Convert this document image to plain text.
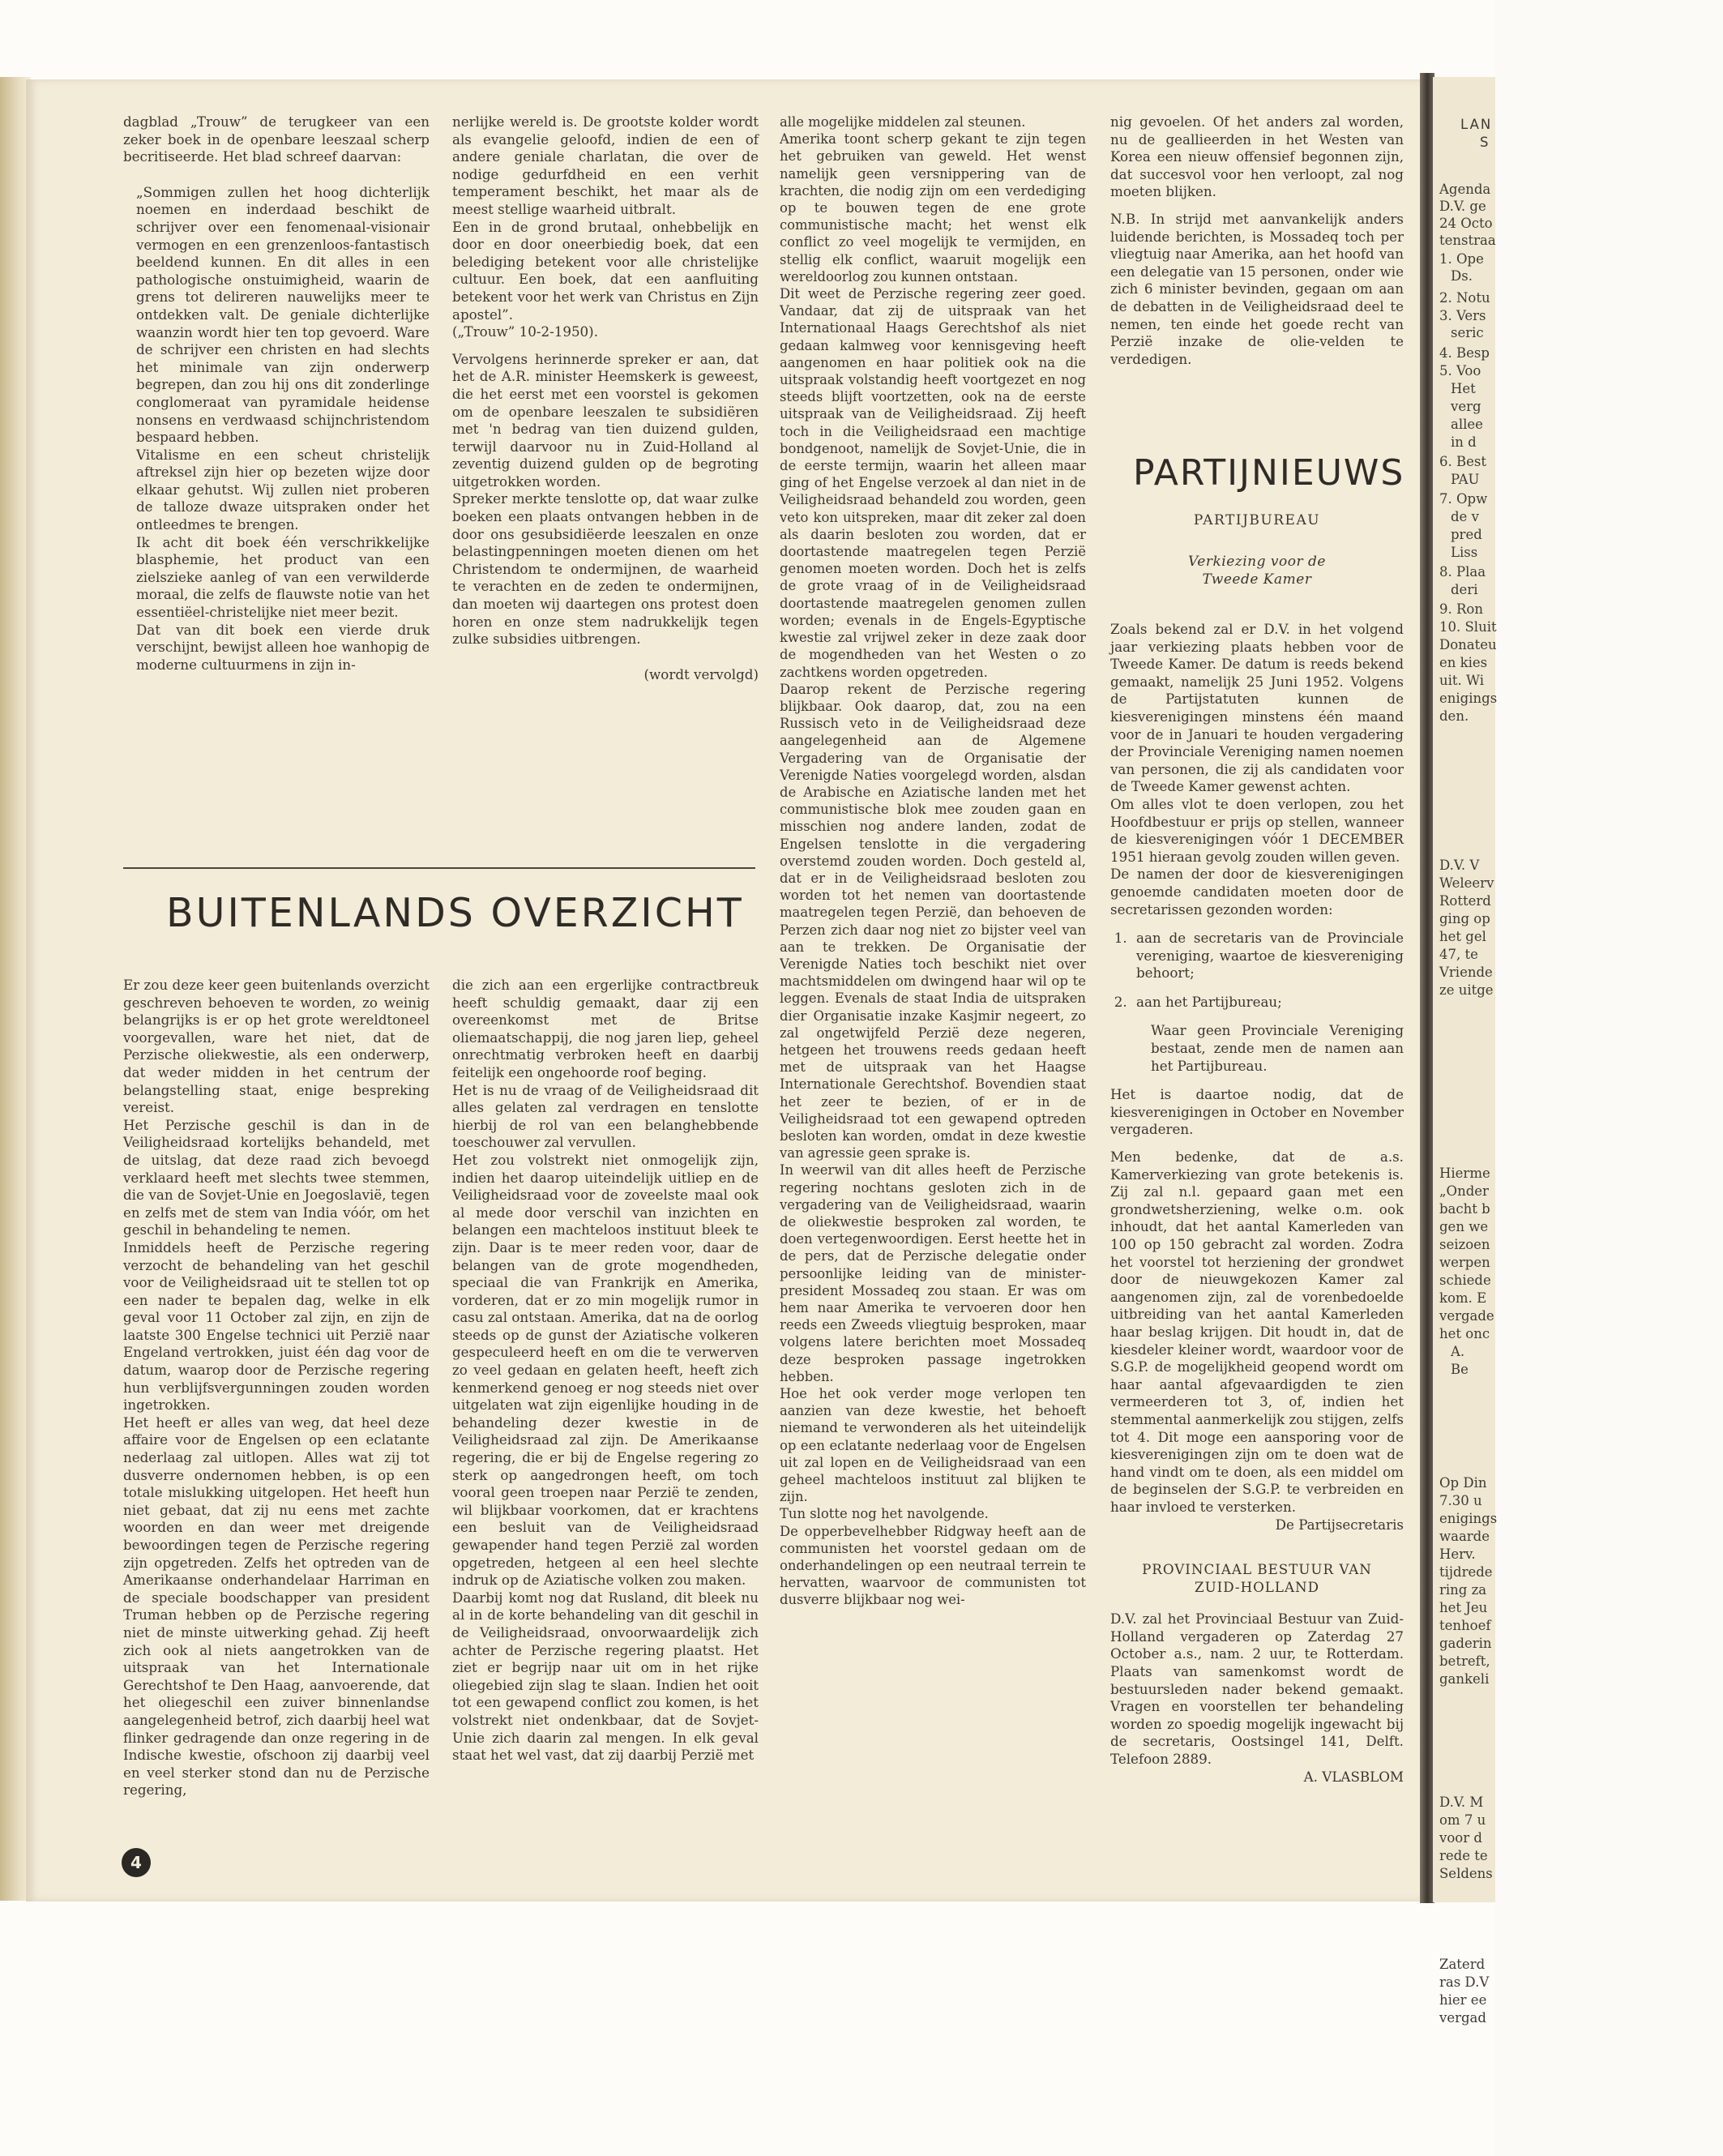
dagblad „Trouw” de terugkeer van een zeker boek in de openbare leeszaal scherp becritiseerde. Het blad schreef daarvan:

„Sommigen zullen het hoog dichterlijk noemen en inderdaad beschikt de schrijver over een fenomenaal-visionair vermogen en een grenzenloos-fantastisch beeldend kunnen. En dit alles in een pathologische onstuimigheid, waarin de grens tot delireren nauwelijks meer te ontdekken valt. De geniale dichterlijke waanzin wordt hier ten top gevoerd. Ware de schrijver een christen en had slechts het minimale van zijn onderwerp begrepen, dan zou hij ons dit zonderlinge conglomeraat van pyramidale heidense nonsens en verdwaasd schijnchristendom bespaard hebben.

Vitalisme en een scheut christelijk aftreksel zijn hier op bezeten wijze door elkaar gehutst. Wij zullen niet proberen de talloze dwaze uitspraken onder het ontleedmes te brengen.

Ik acht dit boek één verschrikkelijke blasphemie, het product van een zielszieke aanleg of van een verwilderde moraal, die zelfs de flauwste notie van het essentiëel-christelijke niet meer bezit.

Dat van dit boek een vierde druk verschijnt, bewijst alleen hoe wanhopig de moderne cultuurmens in zijn in-

nerlijke wereld is. De grootste kolder wordt als evangelie geloofd, indien de een of andere geniale charlatan, die over de nodige gedurfdheid en een verhit temperament beschikt, het maar als de meest stellige waarheid uitbralt.

Een in de grond brutaal, onhebbelijk en door en door oneerbiedig boek, dat een belediging betekent voor alle christelijke cultuur. Een boek, dat een aanfluiting betekent voor het werk van Christus en Zijn apostel”.

(„Trouw” 10-2-1950).

Vervolgens herinnerde spreker er aan, dat het de A.R. minister Heemskerk is geweest, die het eerst met een voorstel is gekomen om de openbare leeszalen te subsidiëren met 'n bedrag van tien duizend gulden, terwijl daarvoor nu in Zuid-Holland al zeventig duizend gulden op de begroting uitgetrokken worden.

Spreker merkte tenslotte op, dat waar zulke boeken een plaats ontvangen hebben in de door ons gesubsidiëerde leeszalen en onze belastingpenningen moeten dienen om het Christendom te ondermijnen, de waarheid te verachten en de zeden te ondermijnen, dan moeten wij daartegen ons protest doen horen en onze stem nadrukkelijk tegen zulke subsidies uitbrengen.

(wordt vervolgd)

BUITENLANDS OVERZICHT

Er zou deze keer geen buitenlands overzicht geschreven behoeven te worden, zo weinig belangrijks is er op het grote wereldtoneel voorgevallen, ware het niet, dat de Perzische oliekwestie, als een onderwerp, dat weder midden in het centrum der belangstelling staat, enige bespreking vereist.

Het Perzische geschil is dan in de Veiligheidsraad kortelijks behandeld, met de uitslag, dat deze raad zich bevoegd verklaard heeft met slechts twee stemmen, die van de Sovjet-Unie en Joegoslavië, tegen en zelfs met de stem van India vóór, om het geschil in behandeling te nemen.

Inmiddels heeft de Perzische regering verzocht de behandeling van het geschil voor de Veiligheidsraad uit te stellen tot op een nader te bepalen dag, welke in elk geval voor 11 October zal zijn, en zijn de laatste 300 Engelse technici uit Perzië naar Engeland vertrokken, juist één dag voor de datum, waarop door de Perzische regering hun verblijfsvergunningen zouden worden ingetrokken.

Het heeft er alles van weg, dat heel deze affaire voor de Engelsen op een eclatante nederlaag zal uitlopen. Alles wat zij tot dusverre ondernomen hebben, is op een totale mislukking uitgelopen. Het heeft hun niet gebaat, dat zij nu eens met zachte woorden en dan weer met dreigende bewoordingen tegen de Perzische regering zijn opgetreden. Zelfs het optreden van de Amerikaanse onderhandelaar Harriman en de speciale boodschapper van president Truman hebben op de Perzische regering niet de minste uitwerking gehad. Zij heeft zich ook al niets aangetrokken van de uitspraak van het Internationale Gerechtshof te Den Haag, aanvoerende, dat het oliegeschil een zuiver binnenlandse aangelegenheid betrof, zich daarbij heel wat flinker gedragende dan onze regering in de Indische kwestie, ofschoon zij daarbij veel en veel sterker stond dan nu de Perzische regering,

die zich aan een ergerlijke contractbreuk heeft schuldig gemaakt, daar zij een overeenkomst met de Britse oliemaatschappij, die nog jaren liep, geheel onrechtmatig verbroken heeft en daarbij feitelijk een ongehoorde roof beging.

Het is nu de vraag of de Veiligheidsraad dit alles gelaten zal verdragen en tenslotte hierbij de rol van een belanghebbende toeschouwer zal vervullen.

Het zou volstrekt niet onmogelijk zijn, indien het daarop uiteindelijk uitliep en de Veiligheidsraad voor de zoveelste maal ook al mede door verschil van inzichten en belangen een machteloos instituut bleek te zijn. Daar is te meer reden voor, daar de belangen van de grote mogendheden, speciaal die van Frankrijk en Amerika, vorderen, dat er zo min mogelijk rumor in casu zal ontstaan. Amerika, dat na de oorlog steeds op de gunst der Aziatische volkeren gespeculeerd heeft en om die te verwerven zo veel gedaan en gelaten heeft, heeft zich kenmerkend genoeg er nog steeds niet over uitgelaten wat zijn eigenlijke houding in de behandeling dezer kwestie in de Veiligheidsraad zal zijn. De Amerikaanse regering, die er bij de Engelse regering zo sterk op aangedrongen heeft, om toch vooral geen troepen naar Perzië te zenden, wil blijkbaar voorkomen, dat er krachtens een besluit van de Veiligheidsraad gewapender hand tegen Perzië zal worden opgetreden, hetgeen al een heel slechte indruk op de Aziatische volken zou maken.

Daarbij komt nog dat Rusland, dit bleek nu al in de korte behandeling van dit geschil in de Veiligheidsraad, onvoorwaardelijk zich achter de Perzische regering plaatst. Het ziet er begrijp naar uit om in het rijke oliegebied zijn slag te slaan. Indien het ooit tot een gewapend conflict zou komen, is het volstrekt niet ondenkbaar, dat de Sovjet-Unie zich daarin zal mengen. In elk geval staat het wel vast, dat zij daarbij Perzië met

alle mogelijke middelen zal steunen.

Amerika toont scherp gekant te zijn tegen het gebruiken van geweld. Het wenst namelijk geen versnippering van de krachten, die nodig zijn om een verdediging op te bouwen tegen de ene grote communistische macht; het wenst elk conflict zo veel mogelijk te vermijden, en stellig elk conflict, waaruit mogelijk een wereldoorlog zou kunnen ontstaan.

Dit weet de Perzische regering zeer goed. Vandaar, dat zij de uitspraak van het Internationaal Haags Gerechtshof als niet gedaan kalmweg voor kennisgeving heeft aangenomen en haar politiek ook na die uitspraak volstandig heeft voortgezet en nog steeds blijft voortzetten, ook na de eerste uitspraak van de Veiligheidsraad. Zij heeft toch in die Veiligheidsraad een machtige bondgenoot, namelijk de Sovjet-Unie, die in de eerste termijn, waarin het alleen maar ging of het Engelse verzoek al dan niet in de Veiligheidsraad behandeld zou worden, geen veto kon uitspreken, maar dit zeker zal doen als daarin besloten zou worden, dat er doortastende maatregelen tegen Perzië genomen moeten worden. Doch het is zelfs de grote vraag of in de Veiligheidsraad doortastende maatregelen genomen zullen worden; evenals in de Engels-Egyptische kwestie zal vrijwel zeker in deze zaak door de mogendheden van het Westen o zo zachtkens worden opgetreden.

Daarop rekent de Perzische regering blijkbaar. Ook daarop, dat, zou na een Russisch veto in de Veiligheidsraad deze aangelegenheid aan de Algemene Vergadering van de Organisatie der Verenigde Naties voorgelegd worden, alsdan de Arabische en Aziatische landen met het communistische blok mee zouden gaan en misschien nog andere landen, zodat de Engelsen tenslotte in die vergadering overstemd zouden worden. Doch gesteld al, dat er in de Veiligheidsraad besloten zou worden tot het nemen van doortastende maatregelen tegen Perzië, dan behoeven de Perzen zich daar nog niet zo bijster veel van aan te trekken. De Organisatie der Verenigde Naties toch beschikt niet over machtsmiddelen om dwingend haar wil op te leggen. Evenals de staat India de uitspraken dier Organisatie inzake Kasjmir negeert, zo zal ongetwijfeld Perzië deze negeren, hetgeen het trouwens reeds gedaan heeft met de uitspraak van het Haagse Internationale Gerechtshof. Bovendien staat het zeer te bezien, of er in de Veiligheidsraad tot een gewapend optreden besloten kan worden, omdat in deze kwestie van agressie geen sprake is.

In weerwil van dit alles heeft de Perzische regering nochtans gesloten zich in de vergadering van de Veiligheidsraad, waarin de oliekwestie besproken zal worden, te doen vertegenwoordigen. Eerst heette het in de pers, dat de Perzische delegatie onder persoonlijke leiding van de minister-president Mossadeq zou staan. Er was om hem naar Amerika te vervoeren door hen reeds een Zweeds vliegtuig besproken, maar volgens latere berichten moet Mossadeq deze besproken passage ingetrokken hebben.

Hoe het ook verder moge verlopen ten aanzien van deze kwestie, het behoeft niemand te verwonderen als het uiteindelijk op een eclatante nederlaag voor de Engelsen uit zal lopen en de Veiligheidsraad van een geheel machteloos instituut zal blijken te zijn.

Tun slotte nog het navolgende.

De opperbevelhebber Ridgway heeft aan de communisten het voorstel gedaan om de onderhandelingen op een neutraal terrein te hervatten, waarvoor de communisten tot dusverre blijkbaar nog wei-

nig gevoelen. Of het anders zal worden, nu de geallieerden in het Westen van Korea een nieuw offensief begonnen zijn, dat succesvol voor hen verloopt, zal nog moeten blijken.

N.B. In strijd met aanvankelijk anders luidende berichten, is Mossadeq toch per vliegtuig naar Amerika, aan het hoofd van een delegatie van 15 personen, onder wie zich 6 minister bevinden, gegaan om aan de debatten in de Veiligheidsraad deel te nemen, ten einde het goede recht van Perzië inzake de olie-velden te verdedigen.

PARTIJNIEUWS
PARTIJBUREAU
Verkiezing voor de Tweede Kamer

Zoals bekend zal er D.V. in het volgend jaar verkiezing plaats hebben voor de Tweede Kamer. De datum is reeds bekend gemaakt, namelijk 25 Juni 1952. Volgens de Partijstatuten kunnen de kiesverenigingen minstens één maand voor de in Januari te houden vergadering der Provinciale Vereniging namen noemen van personen, die zij als candidaten voor de Tweede Kamer gewenst achten.

Om alles vlot te doen verlopen, zou het Hoofdbestuur er prijs op stellen, wanneer de kiesverenigingen vóór 1 DECEMBER 1951 hieraan gevolg zouden willen geven.

De namen der door de kiesverenigingen genoemde candidaten moeten door de secretarissen gezonden worden:

1. aan de secretaris van de Provinciale vereniging, waartoe de kiesvereniging behoort;
2. aan het Partijbureau;

Waar geen Provinciale Vereniging bestaat, zende men de namen aan het Partijbureau.

Het is daartoe nodig, dat de kiesverenigingen in October en November vergaderen.

Men bedenke, dat de a.s. Kamerverkiezing van grote betekenis is. Zij zal n.l. gepaard gaan met een grondwetsherziening, welke o.m. ook inhoudt, dat het aantal Kamerleden van 100 op 150 gebracht zal worden. Zodra het voorstel tot herziening der grondwet door de nieuwgekozen Kamer zal aangenomen zijn, zal de vorenbedoelde uitbreiding van het aantal Kamerleden haar beslag krijgen. Dit houdt in, dat de kiesdeler kleiner wordt, waardoor voor de S.G.P. de mogelijkheid geopend wordt om haar aantal afgevaardigden te zien vermeerderen tot 3, of, indien het stemmental aanmerkelijk zou stijgen, zelfs tot 4. Dit moge een aansporing voor de kiesverenigingen zijn om te doen wat de hand vindt om te doen, als een middel om de beginselen der S.G.P. te verbreiden en haar invloed te versterken.

De Partijsecretaris

PROVINCIAAL BESTUUR VAN ZUID-HOLLAND

D.V. zal het Provinciaal Bestuur van Zuid-Holland vergaderen op Zaterdag 27 October a.s., nam. 2 uur, te Rotterdam. Plaats van samenkomst wordt de bestuursleden nader bekend gemaakt. Vragen en voorstellen ter behandeling worden zo spoedig mogelijk ingewacht bij de secretaris, Oostsingel 141, Delft. Telefoon 2889.

A. VLASBLOM

LAN
S
Agenda
D.V. ge
24 Octo
tenstraa
1. Ope
Ds.
2. Notu
3. Vers
seric
4. Besp
5. Voo
Het
verg
allee
in d
6. Best
PAU
7. Opw
de v
pred
Liss
8. Plaa
deri
9. Ron
10. Sluit
Donateu
en kies
uit. Wi
enigings
den.
D.V. V
Weleerv
Rotterd
ging op
het gel
47, te
Vriende
ze uitge
Hierme
„Onder
bacht b
gen we
seizoen
werpen
schiede
kom. E
vergade
het onc
A.
Be
Op Din
7.30 u
enigings
waarde
Herv.
tijdrede
ring za
het Jeu
tenhoef
gaderin
betreft,
gankeli
D.V. M
om 7 u
voor d
rede te
Seldens
Zaterd
ras D.V
hier ee
vergad
4
